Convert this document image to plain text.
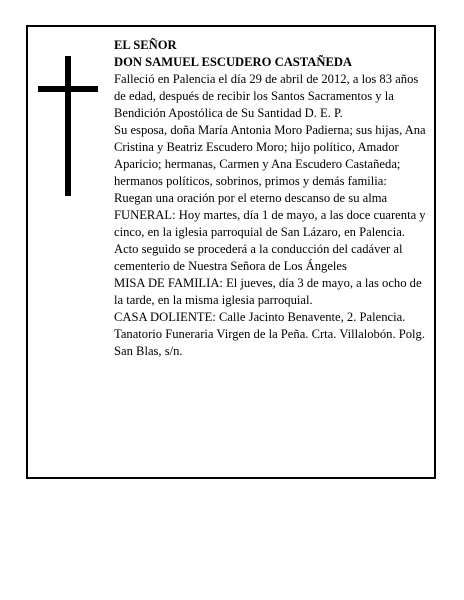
EL SEÑOR

DON SAMUEL ESCUDERO CASTAÑEDA

Falleció en Palencia el día 29 de abril de 2012, a los 83 años de edad, después de recibir los Santos Sacramentos y la Bendición Apostólica de Su Santidad D. E. P.

Su esposa, doña María Antonia Moro Padierna; sus hijas, Ana Cristina y Beatriz Escudero Moro; hijo político, Amador Aparicio; hermanas, Carmen y Ana Escudero Castañeda; hermanos políticos, sobrinos, primos y demás familia:

Ruegan una oración por el eterno descanso de su alma

FUNERAL: Hoy martes, día 1 de mayo, a las doce cuarenta y cinco, en la iglesia parroquial de San Lázaro, en Palencia. Acto seguido se procederá a la conducción del cadáver al cementerio de Nuestra Señora de Los Ángeles

MISA DE FAMILIA: El jueves, día 3 de mayo, a las ocho de la tarde, en la misma iglesia parroquial.

CASA DOLIENTE: Calle Jacinto Benavente, 2. Palencia.

Tanatorio Funeraria Virgen de la Peña. Crta. Villalobón. Polg. San Blas, s/n.
